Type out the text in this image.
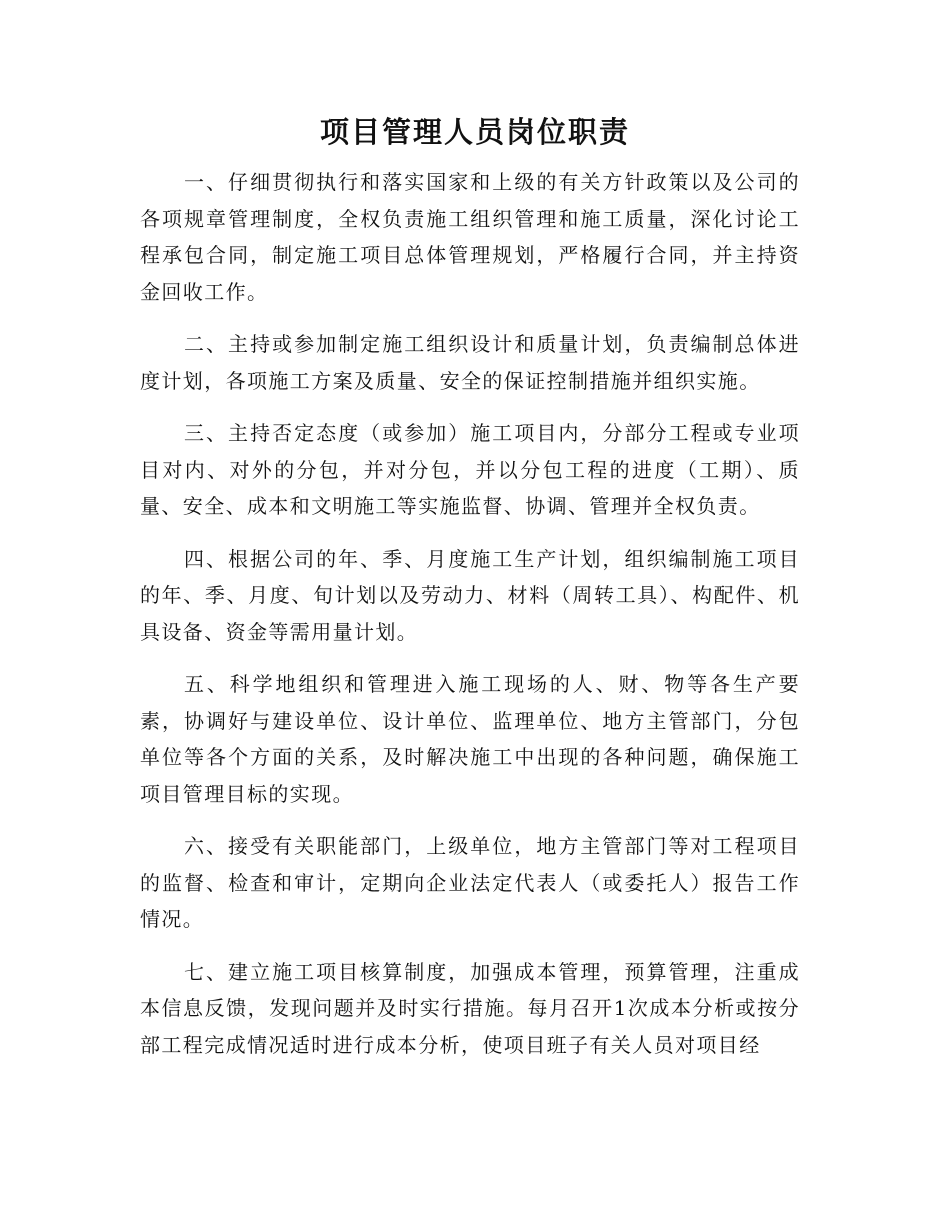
项目管理人员岗位职责

一、仔细贯彻执行和落实国家和上级的有关方针政策以及公司的各项规章管理制度，全权负责施工组织管理和施工质量，深化讨论工程承包合同，制定施工项目总体管理规划，严格履行合同，并主持资金回收工作。

二、主持或参加制定施工组织设计和质量计划，负责编制总体进度计划，各项施工方案及质量、安全的保证控制措施并组织实施。

三、主持否定态度（或参加）施工项目内，分部分工程或专业项目对内、对外的分包，并对分包，并以分包工程的进度（工期）、质量、安全、成本和文明施工等实施监督、协调、管理并全权负责。

四、根据公司的年、季、月度施工生产计划，组织编制施工项目的年、季、月度、旬计划以及劳动力、材料（周转工具）、构配件、机具设备、资金等需用量计划。

五、科学地组织和管理进入施工现场的人、财、物等各生产要素，协调好与建设单位、设计单位、监理单位、地方主管部门，分包单位等各个方面的关系，及时解决施工中出现的各种问题，确保施工项目管理目标的实现。

六、接受有关职能部门，上级单位，地方主管部门等对工程项目的监督、检查和审计，定期向企业法定代表人（或委托人）报告工作情况。

七、建立施工项目核算制度，加强成本管理，预算管理，注重成本信息反馈，发现问题并及时实行措施。每月召开1次成本分析或按分部工程完成情况适时进行成本分析，使项目班子有关人员对项目经
